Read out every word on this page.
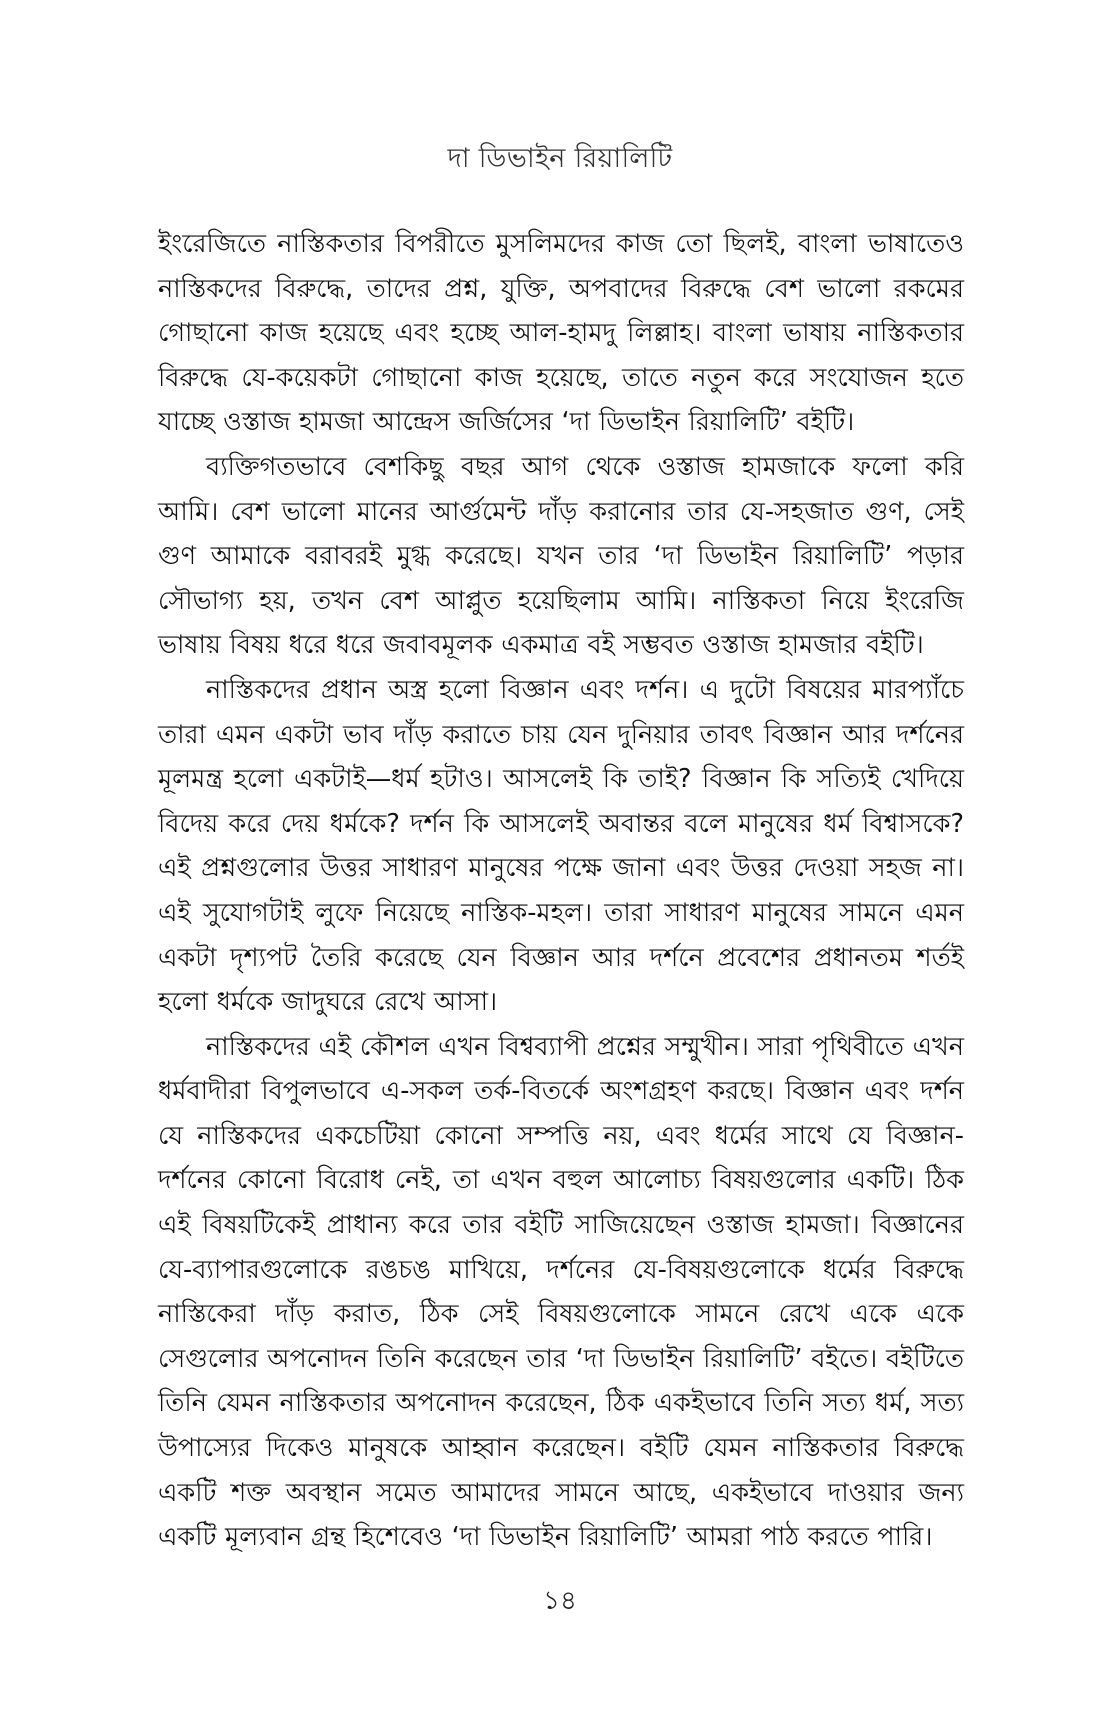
দা ডিভাইন রিয়ালিটি

ইংরেজিতে নাস্তিকতার বিপরীতে মুসলিমদের কাজ তো ছিলই, বাংলা ভাষাতেও নাস্তিকদের বিরুদ্ধে, তাদের প্রশ্ন, যুক্তি, অপবাদের বিরুদ্ধে বেশ ভালো রকমের গোছানো কাজ হয়েছে এবং হচ্ছে আল-হামদু লিল্লাহ। বাংলা ভাষায় নাস্তিকতার বিরুদ্ধে যে-কয়েকটা গোছানো কাজ হয়েছে, তাতে নতুন করে সংযোজন হতে যাচ্ছে ওস্তাজ হামজা আন্দ্রেস জর্জিসের ‘দা ডিভাইন রিয়ালিটি’ বইটি।

ব্যক্তিগতভাবে বেশকিছু বছর আগ থেকে ওস্তাজ হামজাকে ফলো করি আমি। বেশ ভালো মানের আর্গুমেন্ট দাঁড় করানোর তার যে-সহজাত গুণ, সেই গুণ আমাকে বরাবরই মুগ্ধ করেছে। যখন তার ‘দা ডিভাইন রিয়ালিটি’ পড়ার সৌভাগ্য হয়, তখন বেশ আপ্লুত হয়েছিলাম আমি। নাস্তিকতা নিয়ে ইংরেজি ভাষায় বিষয় ধরে ধরে জবাবমূলক একমাত্র বই সম্ভবত ওস্তাজ হামজার বইটি।

নাস্তিকদের প্রধান অস্ত্র হলো বিজ্ঞান এবং দর্শন। এ দুটো বিষয়ের মারপ্যাঁচে তারা এমন একটা ভাব দাঁড় করাতে চায় যেন দুনিয়ার তাবৎ বিজ্ঞান আর দর্শনের মূলমন্ত্র হলো একটাই—ধর্ম হটাও। আসলেই কি তাই? বিজ্ঞান কি সত্যিই খেদিয়ে বিদেয় করে দেয় ধর্মকে? দর্শন কি আসলেই অবান্তর বলে মানুষের ধর্ম বিশ্বাসকে? এই প্রশ্নগুলোর উত্তর সাধারণ মানুষের পক্ষে জানা এবং উত্তর দেওয়া সহজ না। এই সুযোগটাই লুফে নিয়েছে নাস্তিক-মহল। তারা সাধারণ মানুষের সামনে এমন একটা দৃশ্যপট তৈরি করেছে যেন বিজ্ঞান আর দর্শনে প্রবেশের প্রধানতম শর্তই হলো ধর্মকে জাদুঘরে রেখে আসা।

নাস্তিকদের এই কৌশল এখন বিশ্বব্যাপী প্রশ্নের সম্মুখীন। সারা পৃথিবীতে এখন ধর্মবাদীরা বিপুলভাবে এ-সকল তর্ক-বিতর্কে অংশগ্রহণ করছে। বিজ্ঞান এবং দর্শন যে নাস্তিকদের একচেটিয়া কোনো সম্পত্তি নয়, এবং ধর্মের সাথে যে বিজ্ঞান-দর্শনের কোনো বিরোধ নেই, তা এখন বহুল আলোচ্য বিষয়গুলোর একটি। ঠিক এই বিষয়টিকেই প্রাধান্য করে তার বইটি সাজিয়েছেন ওস্তাজ হামজা। বিজ্ঞানের যে-ব্যাপারগুলোকে রঙচঙ মাখিয়ে, দর্শনের যে-বিষয়গুলোকে ধর্মের বিরুদ্ধে নাস্তিকেরা দাঁড় করাত, ঠিক সেই বিষয়গুলোকে সামনে রেখে একে একে সেগুলোর অপনোদন তিনি করেছেন তার ‘দা ডিভাইন রিয়ালিটি’ বইতে। বইটিতে তিনি যেমন নাস্তিকতার অপনোদন করেছেন, ঠিক একইভাবে তিনি সত্য ধর্ম, সত্য উপাস্যের দিকেও মানুষকে আহ্বান করেছেন। বইটি যেমন নাস্তিকতার বিরুদ্ধে একটি শক্ত অবস্থান সমেত আমাদের সামনে আছে, একইভাবে দাওয়ার জন্য একটি মূল্যবান গ্রন্থ হিশেবেও ‘দা ডিভাইন রিয়ালিটি’ আমরা পাঠ করতে পারি।

১৪
